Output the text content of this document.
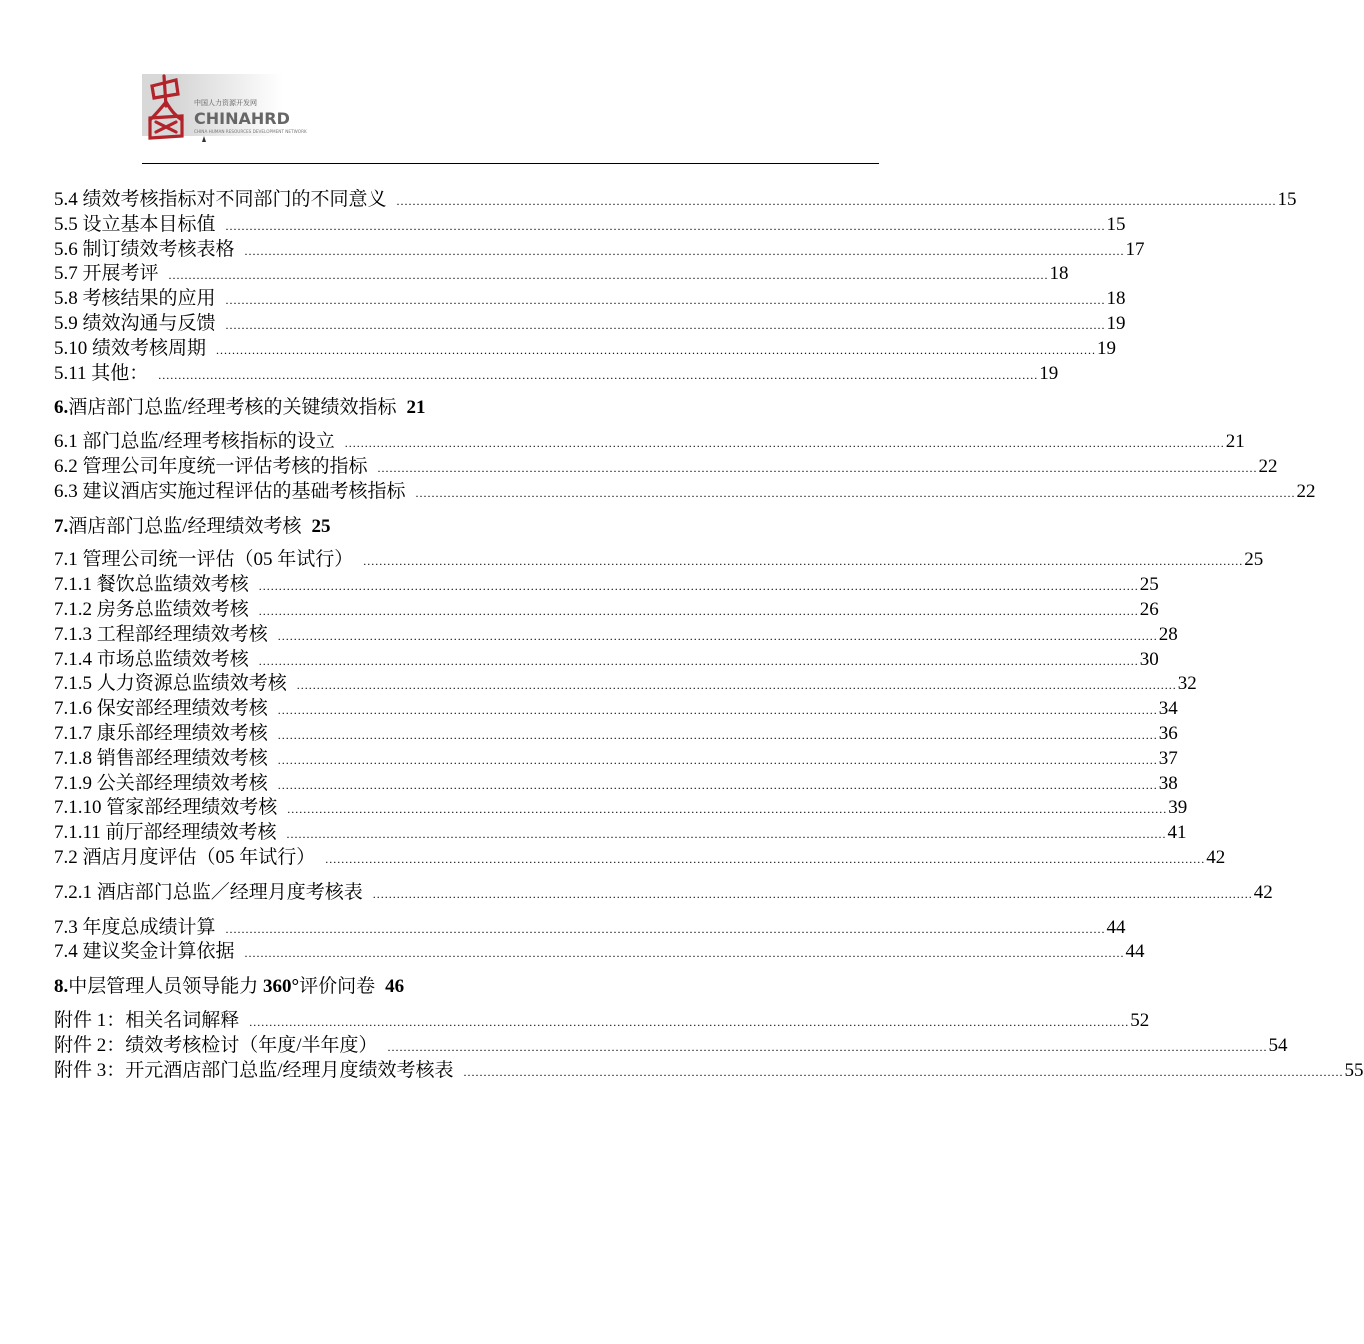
中国人力资源开发网
CHINAHRD
CHINA HUMAN RESOURCES DEVELOPMENT NETWORK
5.4 绩效考核指标对不同部门的不同意义 ............................................................................................................................................................................................................................ 15
5.5 设立基本目标值 ............................................................................................................................................................................................................................ 15
5.6 制订绩效考核表格 ............................................................................................................................................................................................................................ 17
5.7 开展考评 ............................................................................................................................................................................................................................ 18
5.8 考核结果的应用 ............................................................................................................................................................................................................................ 18
5.9 绩效沟通与反馈 ............................................................................................................................................................................................................................ 19
5.10 绩效考核周期 ............................................................................................................................................................................................................................ 19
5.11 其他： ............................................................................................................................................................................................................................ 19
6.酒店部门总监/经理考核的关键绩效指标 21
6.1 部门总监/经理考核指标的设立 ............................................................................................................................................................................................................................ 21
6.2 管理公司年度统一评估考核的指标 ............................................................................................................................................................................................................................ 22
6.3 建议酒店实施过程评估的基础考核指标 ............................................................................................................................................................................................................................ 22
7.酒店部门总监/经理绩效考核 25
7.1 管理公司统一评估（05 年试行） ............................................................................................................................................................................................................................ 25
7.1.1 餐饮总监绩效考核 ............................................................................................................................................................................................................................ 25
7.1.2 房务总监绩效考核 ............................................................................................................................................................................................................................ 26
7.1.3 工程部经理绩效考核 ............................................................................................................................................................................................................................ 28
7.1.4 市场总监绩效考核 ............................................................................................................................................................................................................................ 30
7.1.5 人力资源总监绩效考核 ............................................................................................................................................................................................................................ 32
7.1.6 保安部经理绩效考核 ............................................................................................................................................................................................................................ 34
7.1.7 康乐部经理绩效考核 ............................................................................................................................................................................................................................ 36
7.1.8 销售部经理绩效考核 ............................................................................................................................................................................................................................ 37
7.1.9 公关部经理绩效考核 ............................................................................................................................................................................................................................ 38
7.1.10 管家部经理绩效考核 ............................................................................................................................................................................................................................ 39
7.1.11 前厅部经理绩效考核 ............................................................................................................................................................................................................................ 41
7.2 酒店月度评估（05 年试行） ............................................................................................................................................................................................................................ 42
7.2.1 酒店部门总监／经理月度考核表 ............................................................................................................................................................................................................................ 42
7.3 年度总成绩计算 ............................................................................................................................................................................................................................ 44
7.4 建议奖金计算依据 ............................................................................................................................................................................................................................ 44
8.中层管理人员领导能力 360°评价问卷 46
附件 1：相关名词解释 ............................................................................................................................................................................................................................ 52
附件 2：绩效考核检讨（年度/半年度） ............................................................................................................................................................................................................................ 54
附件 3：开元酒店部门总监/经理月度绩效考核表 ............................................................................................................................................................................................................................ 55
